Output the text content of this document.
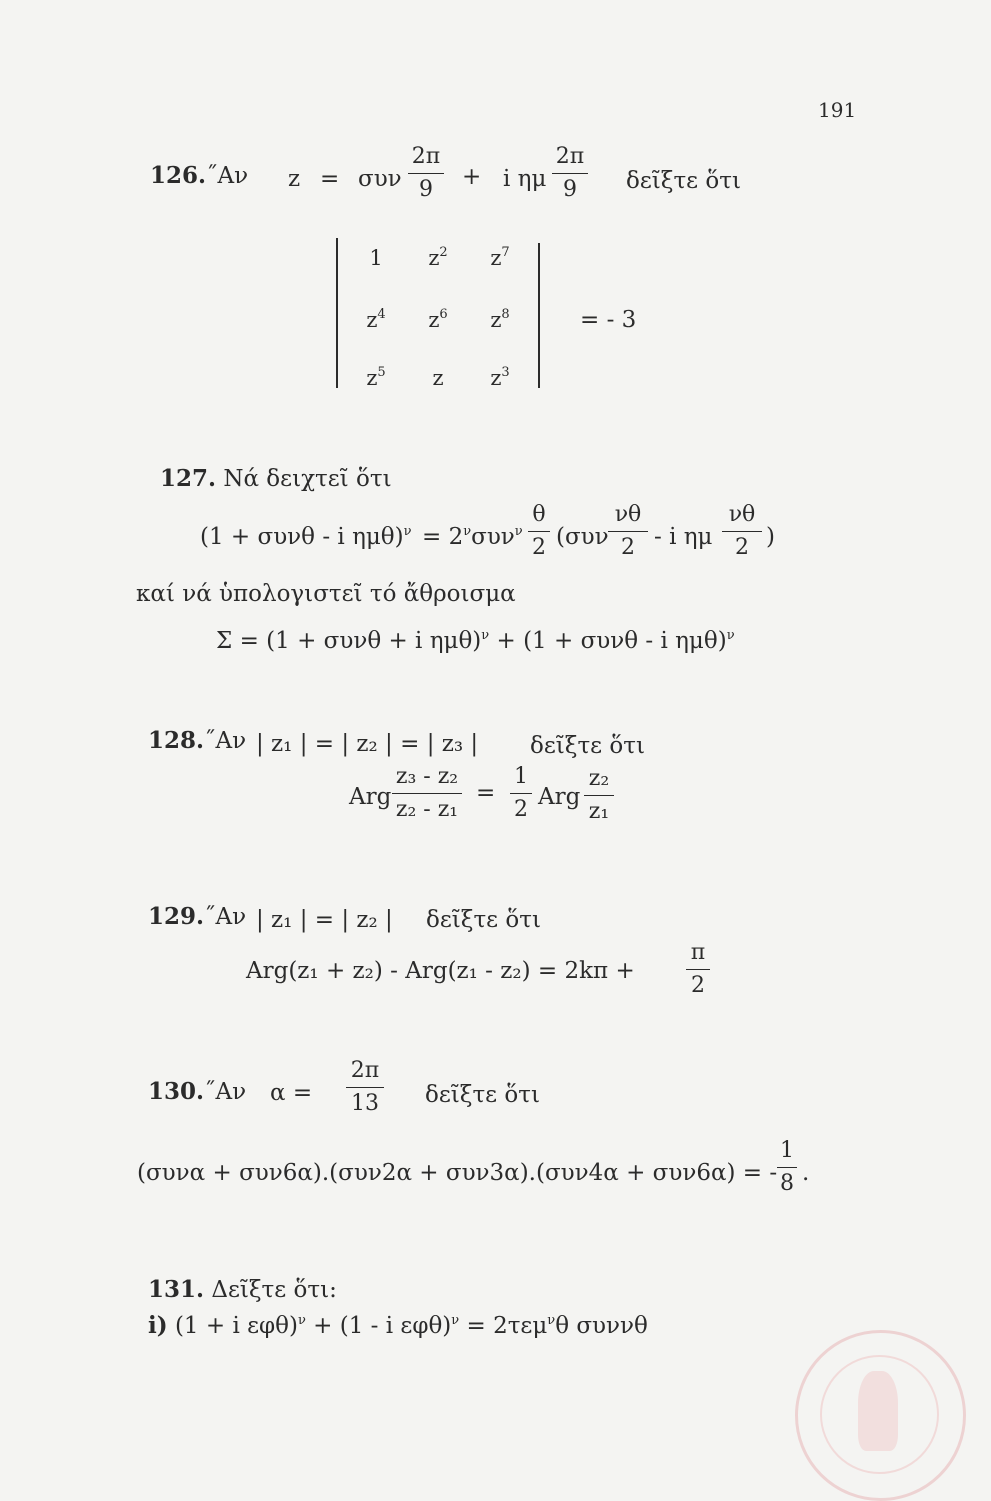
191
126.˝Αν z = συν
2π
9	+ i ημ
2π
9	δεῖξτε ὅτι
1	$z^2$	$z^7$
$z^4$	$z^6$	$z^8$
$z^5$	z	$z^3$
= - 3
127. Νά δειχτεῖ ὅτι
(1 + συνθ - i $\eta\mu\theta)^\nu = 2^\nu\sigma\upsilon\nu^\nu$
θ
2 (συν
νθ
2 - i ημ
νθ
2 )
καί νά ὑπολογιστεῖ τό ἄθροισμα
Σ = (1 + συνθ + i ημθ)$^\nu$ + (1 + συνθ - i ημθ)$^\nu$
128.˝Αν | z₁ | = | z₂ | = | z₃ | δεῖξτε ὅτι
Arg
z₃ - z₂
z₂ - z₁
=
1
2 Arg
z₂
z₁
129.˝Αν | z₁ | = | z₂ | δεῖξτε ὅτι
Arg(z₁ + z₂) - Arg(z₁ - z₂) = 2kπ +
π
2
130.˝Αν α =
2π
13 δεῖξτε ὅτι
(συνα + συν6α).(συν2α + συν3α).(συν4α + συν6α) = -
1
8 .
131. Δεῖξτε ὅτι:
i) (1 + i εφθ)$^\nu$ + (1 - i εφθ)$^\nu$ = 2τεμ$^\nu$θ συννθ
